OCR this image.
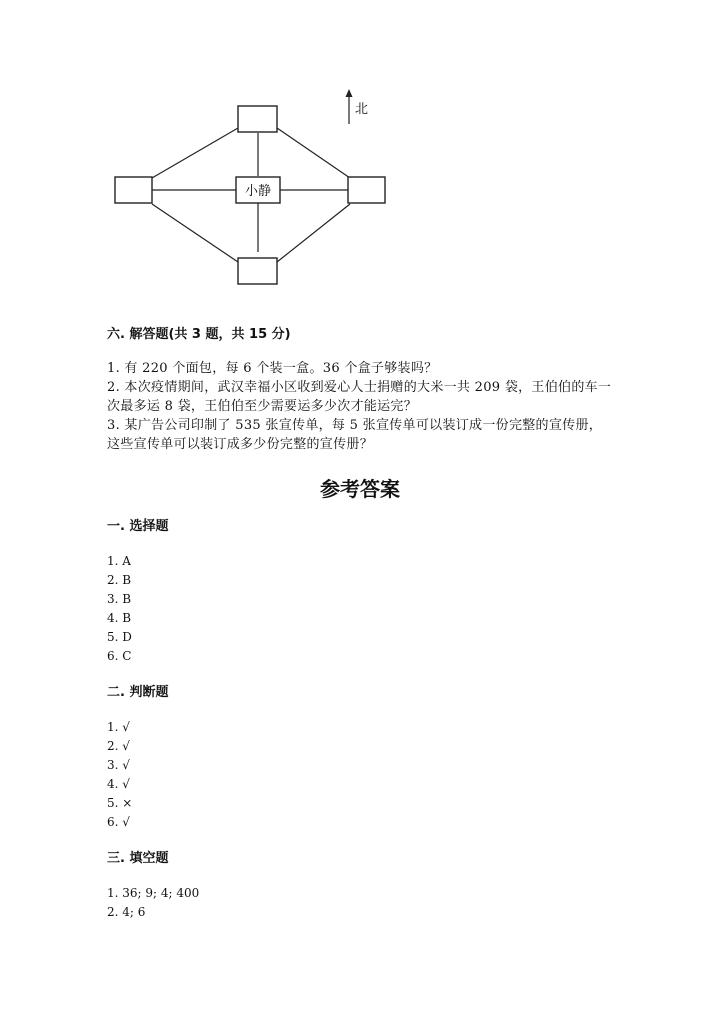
小静
北
六. 解答题(共 3 题，共 15 分)
1. 有 220 个面包，每 6 个装一盒。36 个盒子够装吗？
2. 本次疫情期间，武汉幸福小区收到爱心人士捐赠的大米一共 209 袋，王伯伯的车一次最多运 8 袋，王伯伯至少需要运多少次才能运完？
3. 某广告公司印制了 535 张宣传单，每 5 张宣传单可以装订成一份完整的宣传册，这些宣传单可以装订成多少份完整的宣传册？
参考答案
一. 选择题
1. A
2. B
3. B
4. B
5. D
6. C
二. 判断题
1. √
2. √
3. √
4. √
5. ×
6. √
三. 填空题
1. 36; 9; 4; 400
2. 4; 6
